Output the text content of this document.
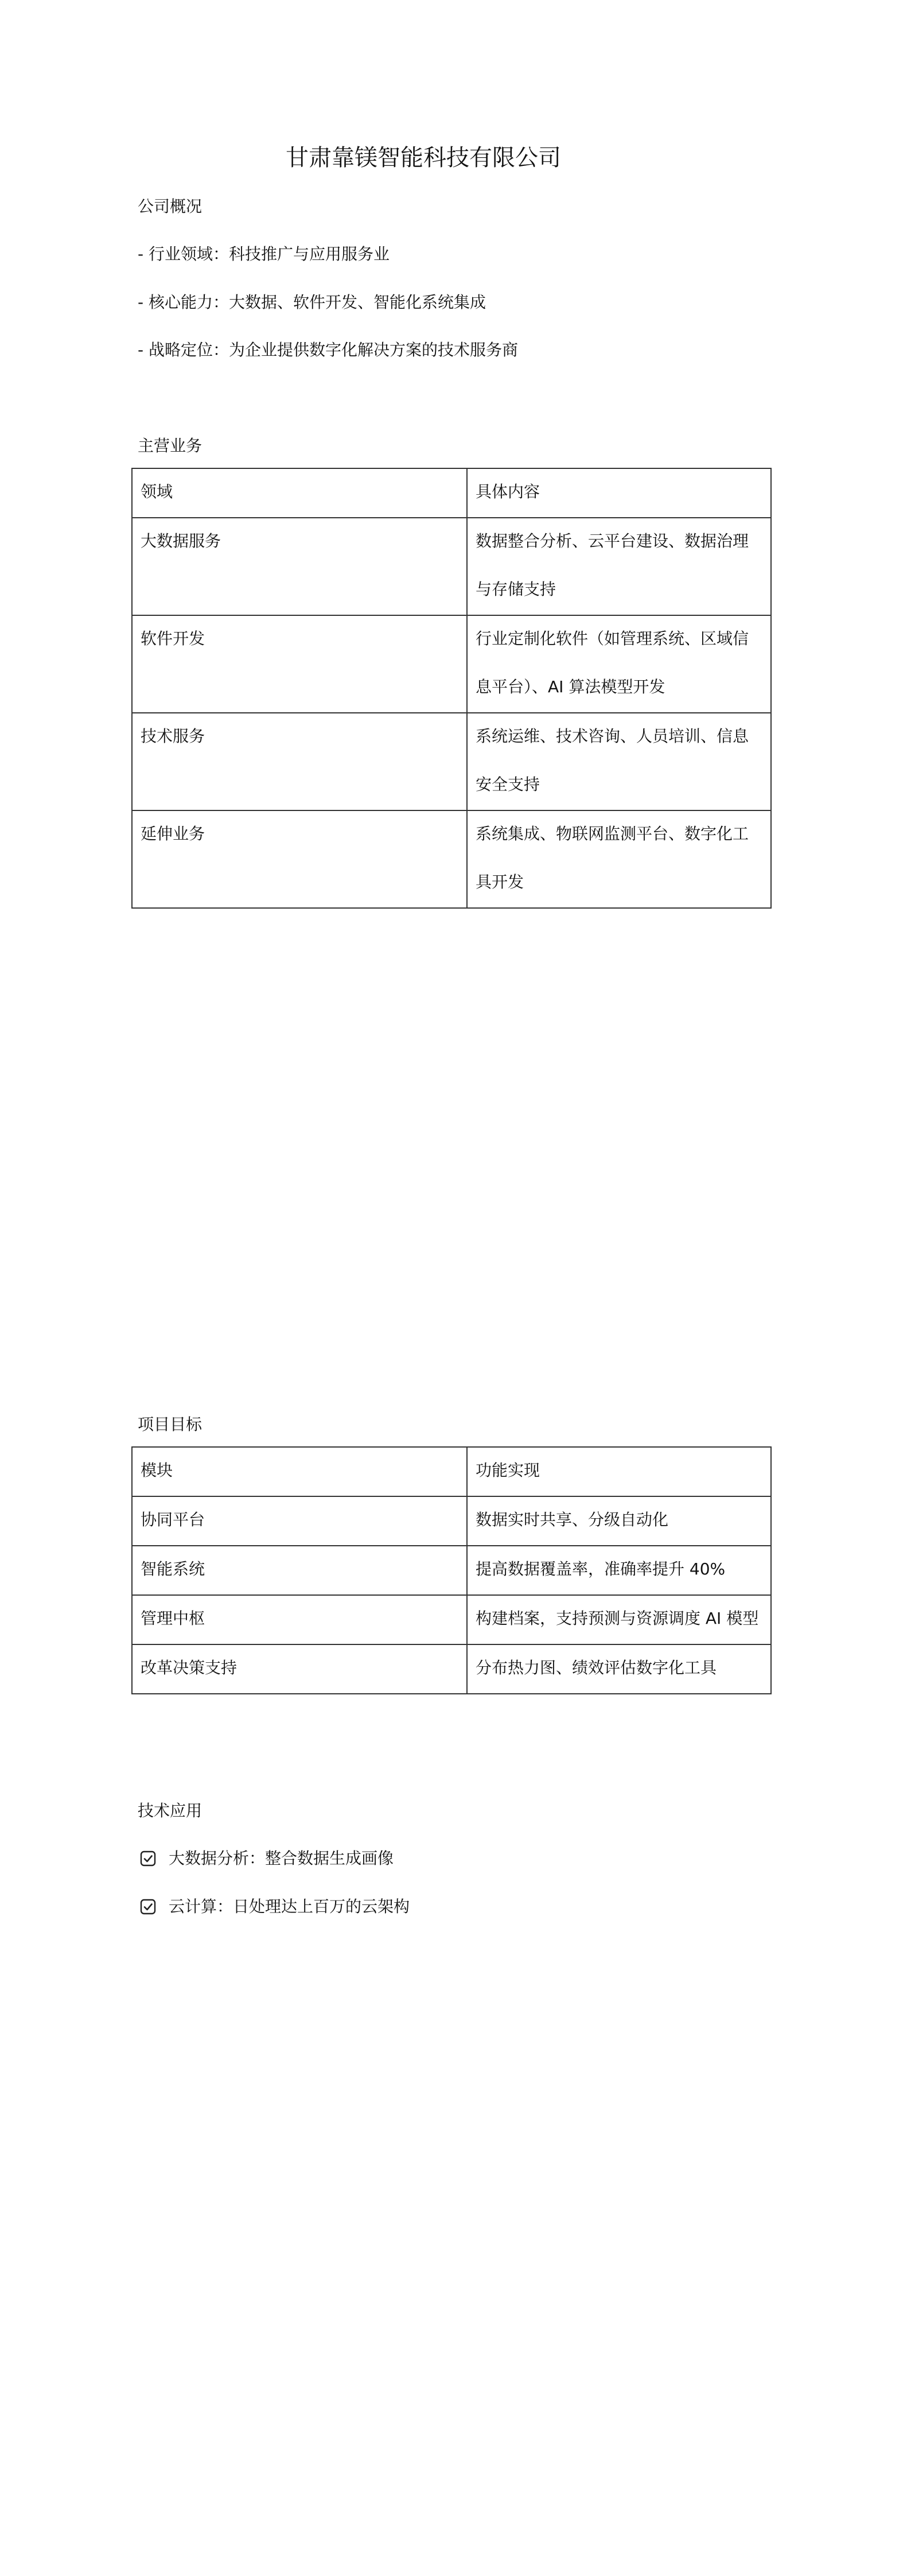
甘肃靠镁智能科技有限公司

公司概况

- 行业领域：科技推广与应用服务业

- 核心能力：大数据、软件开发、智能化系统集成

- 战略定位：为企业提供数字化解决方案的技术服务商

主营业务

领域	具体内容

大数据服务	数据整合分析、云平台建设、数据治理与存储支持

软件开发	行业定制化软件（如管理系统、区域信息平台）、AI 算法模型开发

技术服务	系统运维、技术咨询、人员培训、信息安全支持

延伸业务	系统集成、物联网监测平台、数字化工具开发

项目目标

模块	功能实现

协同平台	数据实时共享、分级自动化

智能系统	提高数据覆盖率，准确率提升 40%

管理中枢	构建档案，支持预测与资源调度 AI 模型

改革决策支持	分布热力图、绩效评估数字化工具

技术应用

大数据分析：整合数据生成画像
云计算：日处理达上百万的云架构
